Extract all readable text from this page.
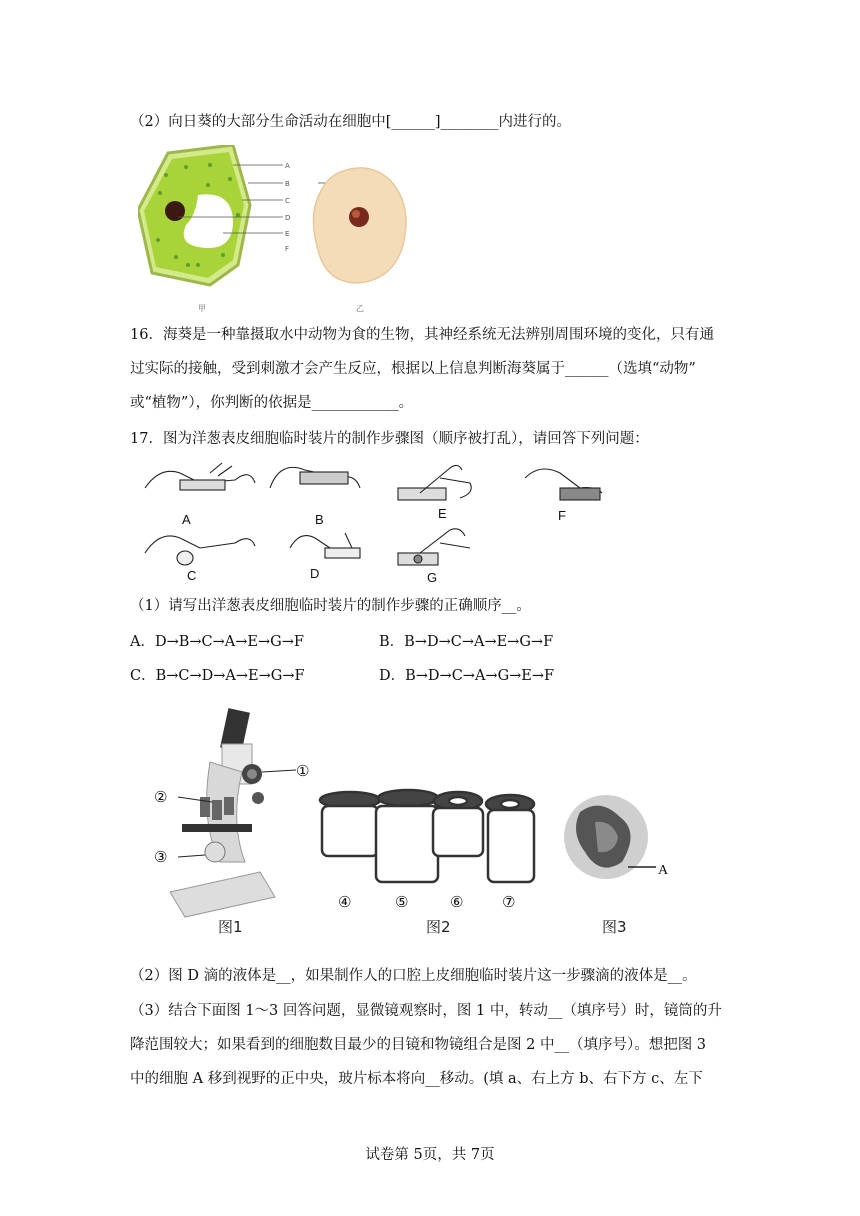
（2）向日葵的大部分生命活动在细胞中[______]________内进行的。
A
B
C
D
E
F
甲	乙
16．海葵是一种靠摄取水中动物为食的生物，其神经系统无法辨别周围环境的变化，只有通
过实际的接触，受到刺激才会产生反应，根据以上信息判断海葵属于______（选填“动物”
或“植物”），你判断的依据是____________。
17．图为洋葱表皮细胞临时装片的制作步骤图（顺序被打乱），请回答下列问题：
A	B	E	F
C	D	G
（1）请写出洋葱表皮细胞临时装片的制作步骤的正确顺序__。
A．D→B→C→A→E→G→F	B．B→D→C→A→E→G→F
C．B→C→D→A→E→G→F	D．B→D→C→A→G→E→F
①
②
③
④	⑤	⑥	⑦
A
图1	图2	图3
（2）图 D 滴的液体是__，如果制作人的口腔上皮细胞临时装片这一步骤滴的液体是__。
（3）结合下面图 1～3 回答问题，显微镜观察时，图 1 中，转动__（填序号）时，镜筒的升
降范围较大；如果看到的细胞数目最少的目镜和物镜组合是图 2 中__（填序号）。想把图 3
中的细胞 A 移到视野的正中央，玻片标本将向__移动。(填 a、右上方 b、右下方 c、左下
试卷第 5页，共 7页
